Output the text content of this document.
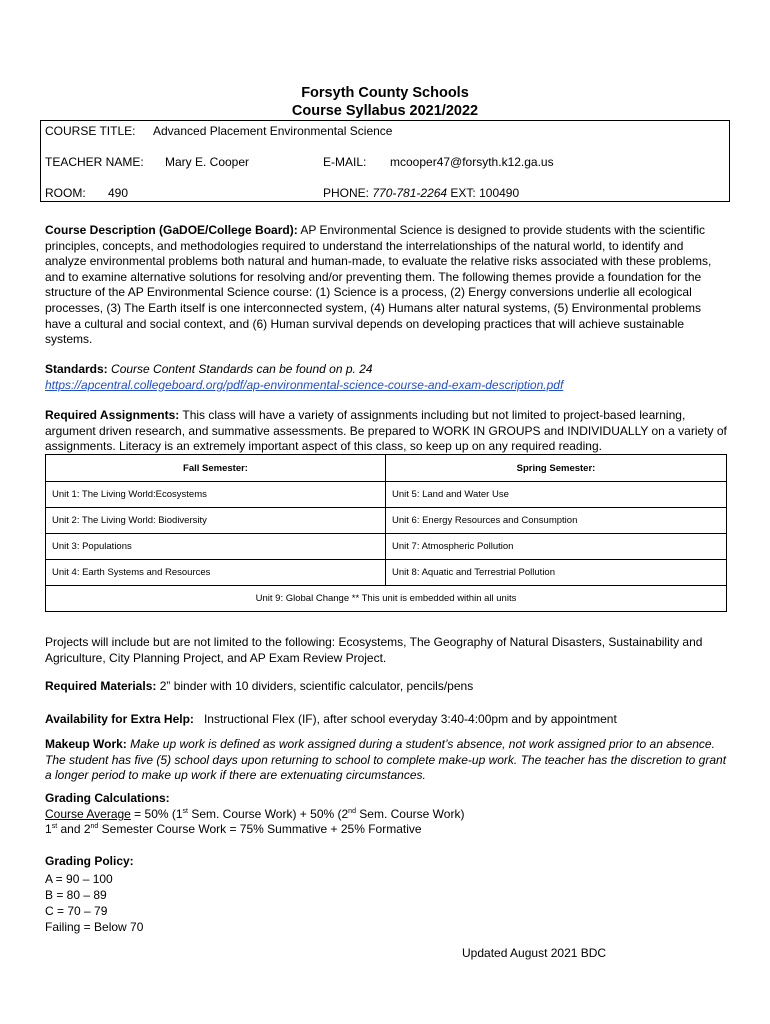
Forsyth County Schools
Course Syllabus 2021/2022
COURSE TITLE: Advanced Placement Environmental Science
TEACHER NAME: Mary E. Cooper	E-MAIL: mcooper47@forsyth.k12.ga.us
ROOM: 490	PHONE: 770-781-2264 EXT: 100490
Course Description (GaDOE/College Board): AP Environmental Science is designed to provide students with the scientific principles, concepts, and methodologies required to understand the interrelationships of the natural world, to identify and analyze environmental problems both natural and human-made, to evaluate the relative risks associated with these problems, and to examine alternative solutions for resolving and/or preventing them. The following themes provide a foundation for the structure of the AP Environmental Science course: (1) Science is a process, (2) Energy conversions underlie all ecological processes, (3) The Earth itself is one interconnected system, (4) Humans alter natural systems, (5) Environmental problems have a cultural and social context, and (6) Human survival depends on developing practices that will achieve sustainable systems.
Standards: Course Content Standards can be found on p. 24
https://apcentral.collegeboard.org/pdf/ap-environmental-science-course-and-exam-description.pdf
Required Assignments: This class will have a variety of assignments including but not limited to project-based learning, argument driven research, and summative assessments. Be prepared to WORK IN GROUPS and INDIVIDUALLY on a variety of assignments. Literacy is an extremely important aspect of this class, so keep up on any required reading.
Fall Semester:	Spring Semester:
Unit 1: The Living World:Ecosystems	Unit 5: Land and Water Use
Unit 2: The Living World: Biodiversity	Unit 6: Energy Resources and Consumption
Unit 3: Populations	Unit 7: Atmospheric Pollution
Unit 4: Earth Systems and Resources	Unit 8: Aquatic and Terrestrial Pollution
Unit 9: Global Change ** This unit is embedded within all units	
Projects will include but are not limited to the following: Ecosystems, The Geography of Natural Disasters, Sustainability and Agriculture, City Planning Project, and AP Exam Review Project.
Required Materials: 2” binder with 10 dividers, scientific calculator, pencils/pens
Availability for Extra Help:   Instructional Flex (IF), after school everyday 3:40-4:00pm and by appointment
Makeup Work: Make up work is defined as work assigned during a student’s absence, not work assigned prior to an absence. The student has five (5) school days upon returning to school to complete make-up work. The teacher has the discretion to grant a longer period to make up work if there are extenuating circumstances.
Grading Calculations:
Course Average = 50% (1st Sem. Course Work) + 50% (2nd Sem. Course Work)
1st and 2nd Semester Course Work = 75% Summative + 25% Formative
Grading Policy:
A = 90 – 100
B = 80 – 89
C = 70 – 79
Failing = Below 70
Updated August 2021 BDC
